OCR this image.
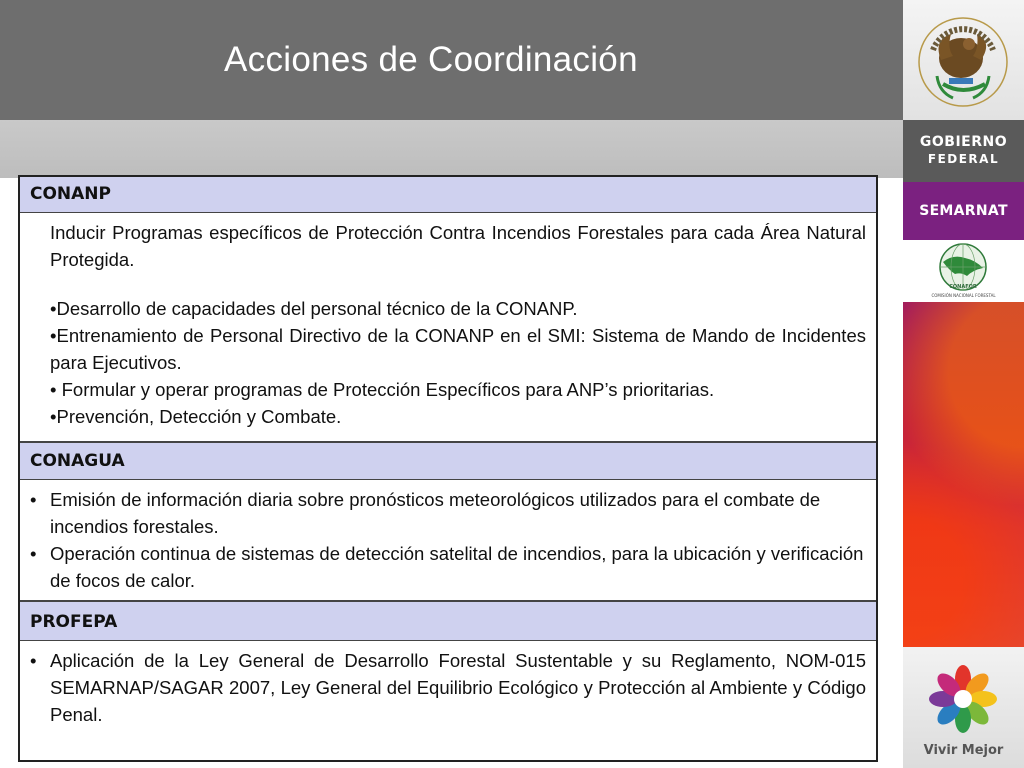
Acciones de Coordinación
GOBIERNO
FEDERAL
SEMARNAT
CONAFOR
COMISIÓN NACIONAL FORESTAL
Vivir Mejor
CONANP

Inducir Programas específicos de Protección Contra Incendios Forestales para cada Área Natural Protegida.

•Desarrollo de capacidades del personal técnico de la CONANP.

•Entrenamiento de Personal Directivo de la CONANP en el SMI: Sistema de Mando de Incidentes para Ejecutivos.

• Formular y operar programas de Protección Específicos para ANP’s prioritarias.

•Prevención, Detección y Combate.

CONAGUA
• Emisión de información diaria sobre pronósticos meteorológicos utilizados para el combate de incendios forestales.
• Operación continua de sistemas de detección satelital de incendios, para la ubicación y verificación de focos de calor.
PROFEPA
• Aplicación de la Ley General de Desarrollo Forestal Sustentable y su Reglamento, NOM-015 SEMARNAP/SAGAR 2007, Ley General del Equilibrio Ecológico y Protección al Ambiente y Código Penal.
